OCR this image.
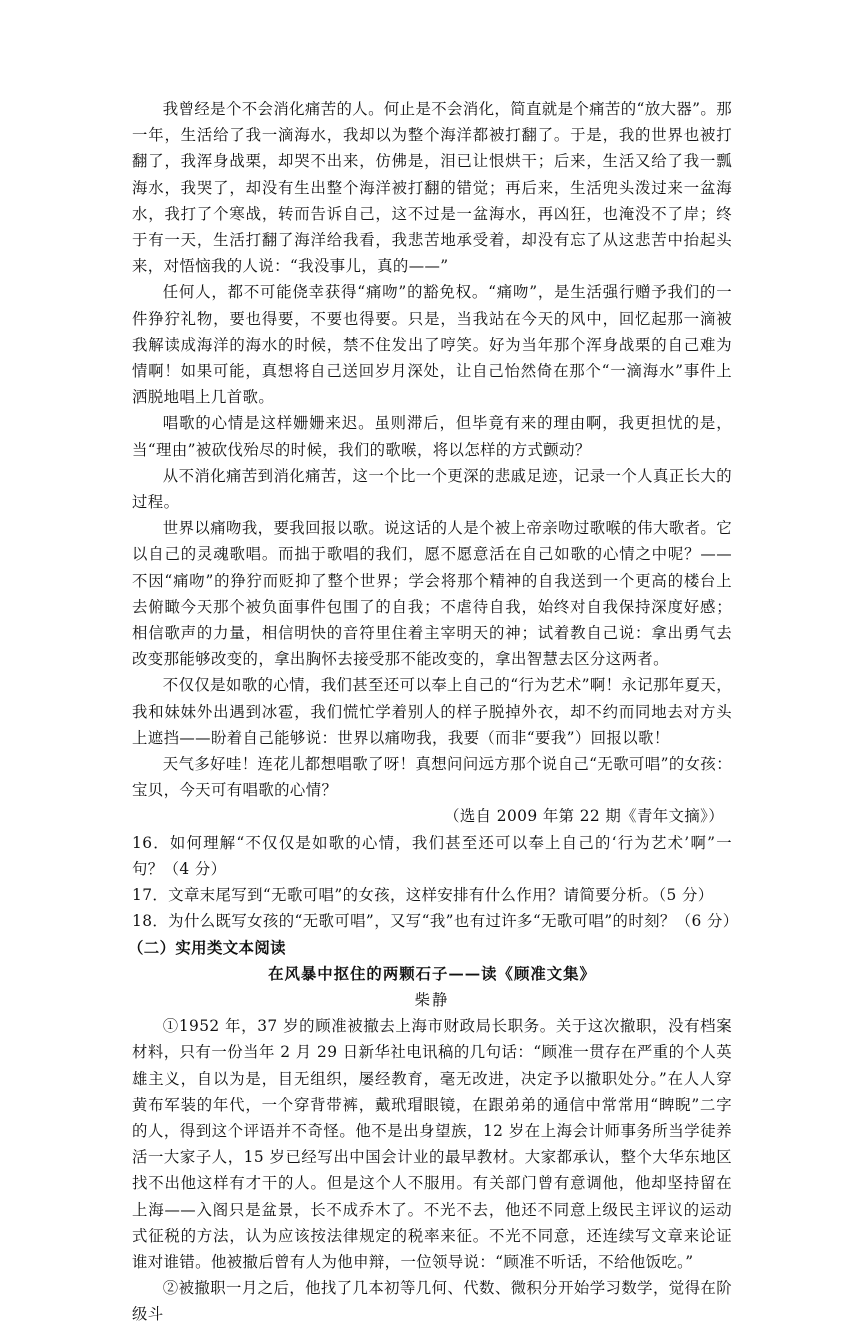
我曾经是个不会消化痛苦的人。何止是不会消化，简直就是个痛苦的“放大器”。那一年，生活给了我一滴海水，我却以为整个海洋都被打翻了。于是，我的世界也被打翻了，我浑身战栗，却哭不出来，仿佛是，泪已让恨烘干；后来，生活又给了我一瓢海水，我哭了，却没有生出整个海洋被打翻的错觉；再后来，生活兜头泼过来一盆海水，我打了个寒战，转而告诉自己，这不过是一盆海水，再凶狂，也淹没不了岸；终于有一天，生活打翻了海洋给我看，我悲苦地承受着，却没有忘了从这悲苦中抬起头来，对悟恼我的人说：“我没事儿，真的——”

任何人，都不可能侥幸获得“痛吻”的豁免权。“痛吻”，是生活强行赠予我们的一件狰狞礼物，要也得要，不要也得要。只是，当我站在今天的风中，回忆起那一滴被我解读成海洋的海水的时候，禁不住发出了哼笑。好为当年那个浑身战栗的自己难为情啊！如果可能，真想将自己送回岁月深处，让自己怡然倚在那个“一滴海水”事件上洒脱地唱上几首歌。

唱歌的心情是这样姗姗来迟。虽则滞后，但毕竟有来的理由啊，我更担忧的是，当“理由”被砍伐殆尽的时候，我们的歌喉，将以怎样的方式颤动？

从不消化痛苦到消化痛苦，这一个比一个更深的悲戚足迹，记录一个人真正长大的过程。

世界以痛吻我，要我回报以歌。说这话的人是个被上帝亲吻过歌喉的伟大歌者。它以自己的灵魂歌唱。而拙于歌唱的我们，愿不愿意活在自己如歌的心情之中呢？——不因“痛吻”的狰狞而贬抑了整个世界；学会将那个精神的自我送到一个更高的楼台上去俯瞰今天那个被负面事件包围了的自我；不虐待自我，始终对自我保持深度好感；相信歌声的力量，相信明快的音符里住着主宰明天的神；试着教自己说：拿出勇气去改变那能够改变的，拿出胸怀去接受那不能改变的，拿出智慧去区分这两者。

不仅仅是如歌的心情，我们甚至还可以奉上自己的“行为艺术”啊！永记那年夏天，我和妹妹外出遇到冰雹，我们慌忙学着别人的样子脱掉外衣，却不约而同地去对方头上遮挡——盼着自己能够说：世界以痛吻我，我要（而非“要我”）回报以歌！

天气多好哇！连花儿都想唱歌了呀！真想问问远方那个说自己“无歌可唱”的女孩：宝贝，今天可有唱歌的心情？

（选自 2009 年第 22 期《青年文摘》）

16．如何理解“不仅仅是如歌的心情，我们甚至还可以奉上自己的‘行为艺术’啊”一句？（4 分）

17．文章末尾写到“无歌可唱”的女孩，这样安排有什么作用？请简要分析。（5 分）

18．为什么既写女孩的“无歌可唱”，又写“我”也有过许多“无歌可唱”的时刻？（6 分）

（二）实用类文本阅读

在风暴中抠住的两颗石子——读《顾准文集》

柴静

①1952 年，37 岁的顾准被撤去上海市财政局长职务。关于这次撤职，没有档案材料，只有一份当年 2 月 29 日新华社电讯稿的几句话：“顾准一贯存在严重的个人英雄主义，自以为是，目无组织，屡经教育，毫无改进，决定予以撤职处分。”在人人穿黄布军装的年代，一个穿背带裤，戴玳瑁眼镜，在跟弟弟的通信中常常用“睥睨”二字的人，得到这个评语并不奇怪。他不是出身望族，12 岁在上海会计师事务所当学徒养活一大家子人，15 岁已经写出中国会计业的最早教材。大家都承认，整个大华东地区找不出他这样有才干的人。但是这个人不服用。有关部门曾有意调他，他却坚持留在上海——入阁只是盆景，长不成乔木了。不光不去，他还不同意上级民主评议的运动式征税的方法，认为应该按法律规定的税率来征。不光不同意，还连续写文章来论证谁对谁错。他被撤后曾有人为他申辩，一位领导说：“顾准不听话，不给他饭吃。”

②被撤职一月之后，他找了几本初等几何、代数、微积分开始学习数学，觉得在阶级斗
